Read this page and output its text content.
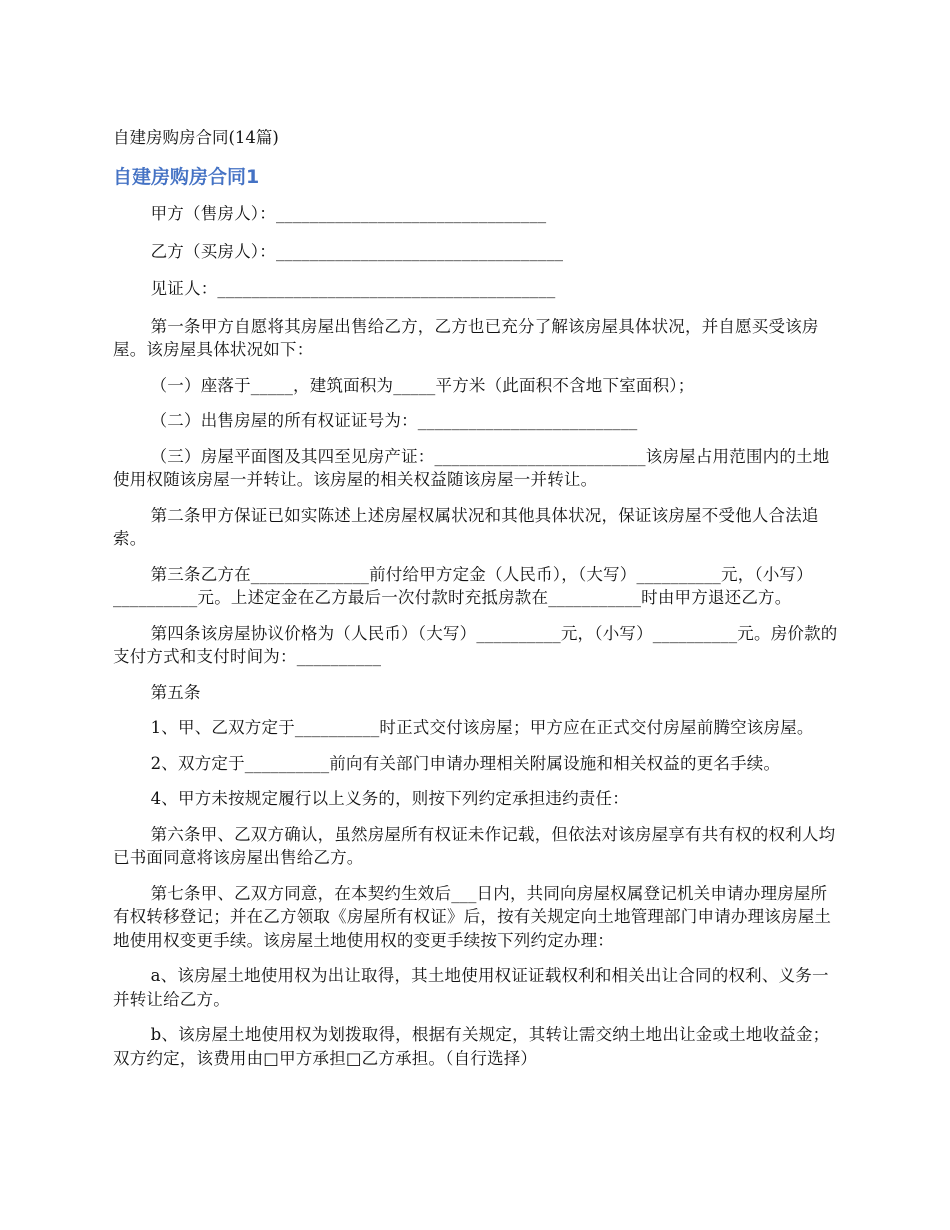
自建房购房合同(14篇)
自建房购房合同1

甲方（售房人）：________________________________

乙方（买房人）：__________________________________

见证人：________________________________________

第一条甲方自愿将其房屋出售给乙方，乙方也已充分了解该房屋具体状况，并自愿买受该房屋。该房屋具体状况如下：

（一）座落于_____，建筑面积为_____平方米（此面积不含地下室面积）；

（二）出售房屋的所有权证证号为：__________________________

（三）房屋平面图及其四至见房产证：_________________________该房屋占用范围内的土地使用权随该房屋一并转让。该房屋的相关权益随该房屋一并转让。

第二条甲方保证已如实陈述上述房屋权属状况和其他具体状况，保证该房屋不受他人合法追索。

第三条乙方在______________前付给甲方定金（人民币），（大写）__________元，（小写）__________元。上述定金在乙方最后一次付款时充抵房款在___________时由甲方退还乙方。

第四条该房屋协议价格为（人民币）（大写）__________元，（小写）__________元。房价款的支付方式和支付时间为：__________

第五条

1、甲、乙双方定于__________时正式交付该房屋；甲方应在正式交付房屋前腾空该房屋。

2、双方定于__________前向有关部门申请办理相关附属设施和相关权益的更名手续。

4、甲方未按规定履行以上义务的，则按下列约定承担违约责任：

第六条甲、乙双方确认，虽然房屋所有权证未作记载，但依法对该房屋享有共有权的权利人均已书面同意将该房屋出售给乙方。

第七条甲、乙双方同意，在本契约生效后___日内，共同向房屋权属登记机关申请办理房屋所有权转移登记；并在乙方领取《房屋所有权证》后，按有关规定向土地管理部门申请办理该房屋土地使用权变更手续。该房屋土地使用权的变更手续按下列约定办理：

a、该房屋土地使用权为出让取得，其土地使用权证证载权利和相关出让合同的权利、义务一并转让给乙方。

b、该房屋土地使用权为划拨取得，根据有关规定，其转让需交纳土地出让金或土地收益金；双方约定，该费用由□甲方承担□乙方承担。（自行选择）
